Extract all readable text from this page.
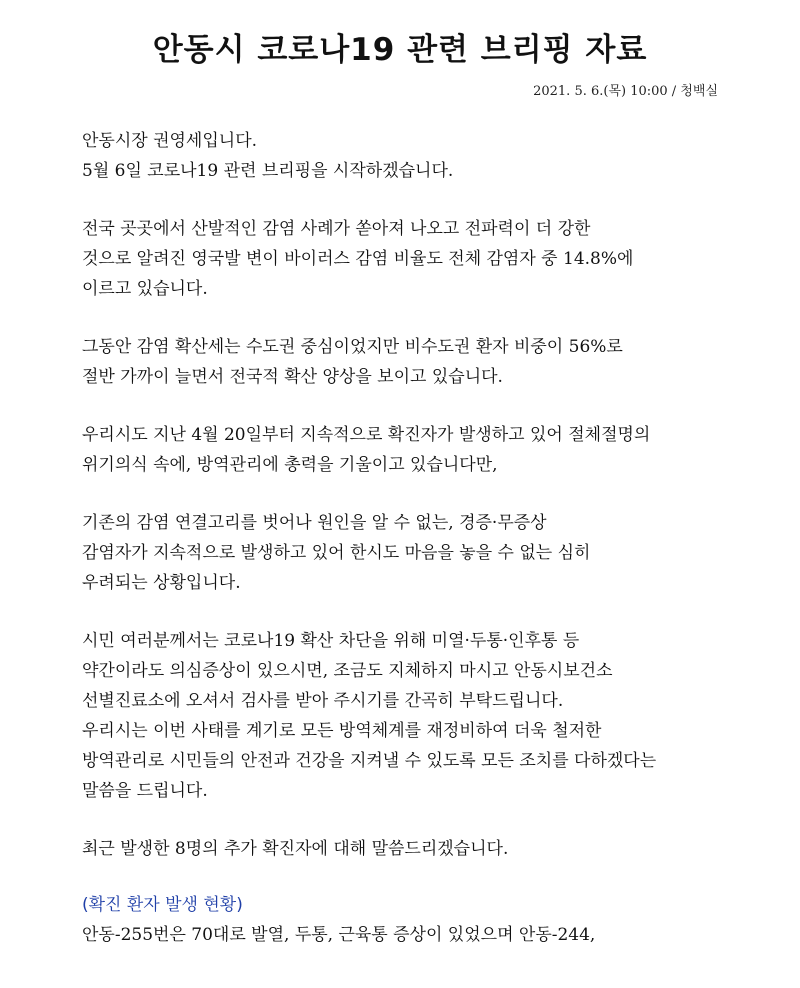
안동시 코로나19 관련 브리핑 자료
2021. 5. 6.(목) 10:00 / 청백실
안동시장 권영세입니다.
5월 6일 코로나19 관련 브리핑을 시작하겠습니다.
전국 곳곳에서 산발적인 감염 사례가 쏟아져 나오고 전파력이 더 강한
것으로 알려진 영국발 변이 바이러스 감염 비율도 전체 감염자 중 14.8%에
이르고 있습니다.
그동안 감염 확산세는 수도권 중심이었지만 비수도권 환자 비중이 56%로
절반 가까이 늘면서 전국적 확산 양상을 보이고 있습니다.
우리시도 지난 4월 20일부터 지속적으로 확진자가 발생하고 있어 절체절명의
위기의식 속에, 방역관리에 총력을 기울이고 있습니다만,
기존의 감염 연결고리를 벗어나 원인을 알 수 없는, 경증·무증상
감염자가 지속적으로 발생하고 있어 한시도 마음을 놓을 수 없는 심히
우려되는 상황입니다.
시민 여러분께서는 코로나19 확산 차단을 위해 미열·두통·인후통 등
약간이라도 의심증상이 있으시면, 조금도 지체하지 마시고 안동시보건소
선별진료소에 오셔서 검사를 받아 주시기를 간곡히 부탁드립니다.
우리시는 이번 사태를 계기로 모든 방역체계를 재정비하여 더욱 철저한
방역관리로 시민들의 안전과 건강을 지켜낼 수 있도록 모든 조치를 다하겠다는
말씀을 드립니다.
최근 발생한 8명의 추가 확진자에 대해 말씀드리겠습니다.
(확진 환자 발생 현황)
안동-255번은 70대로 발열, 두통, 근육통 증상이 있었으며 안동-244,
